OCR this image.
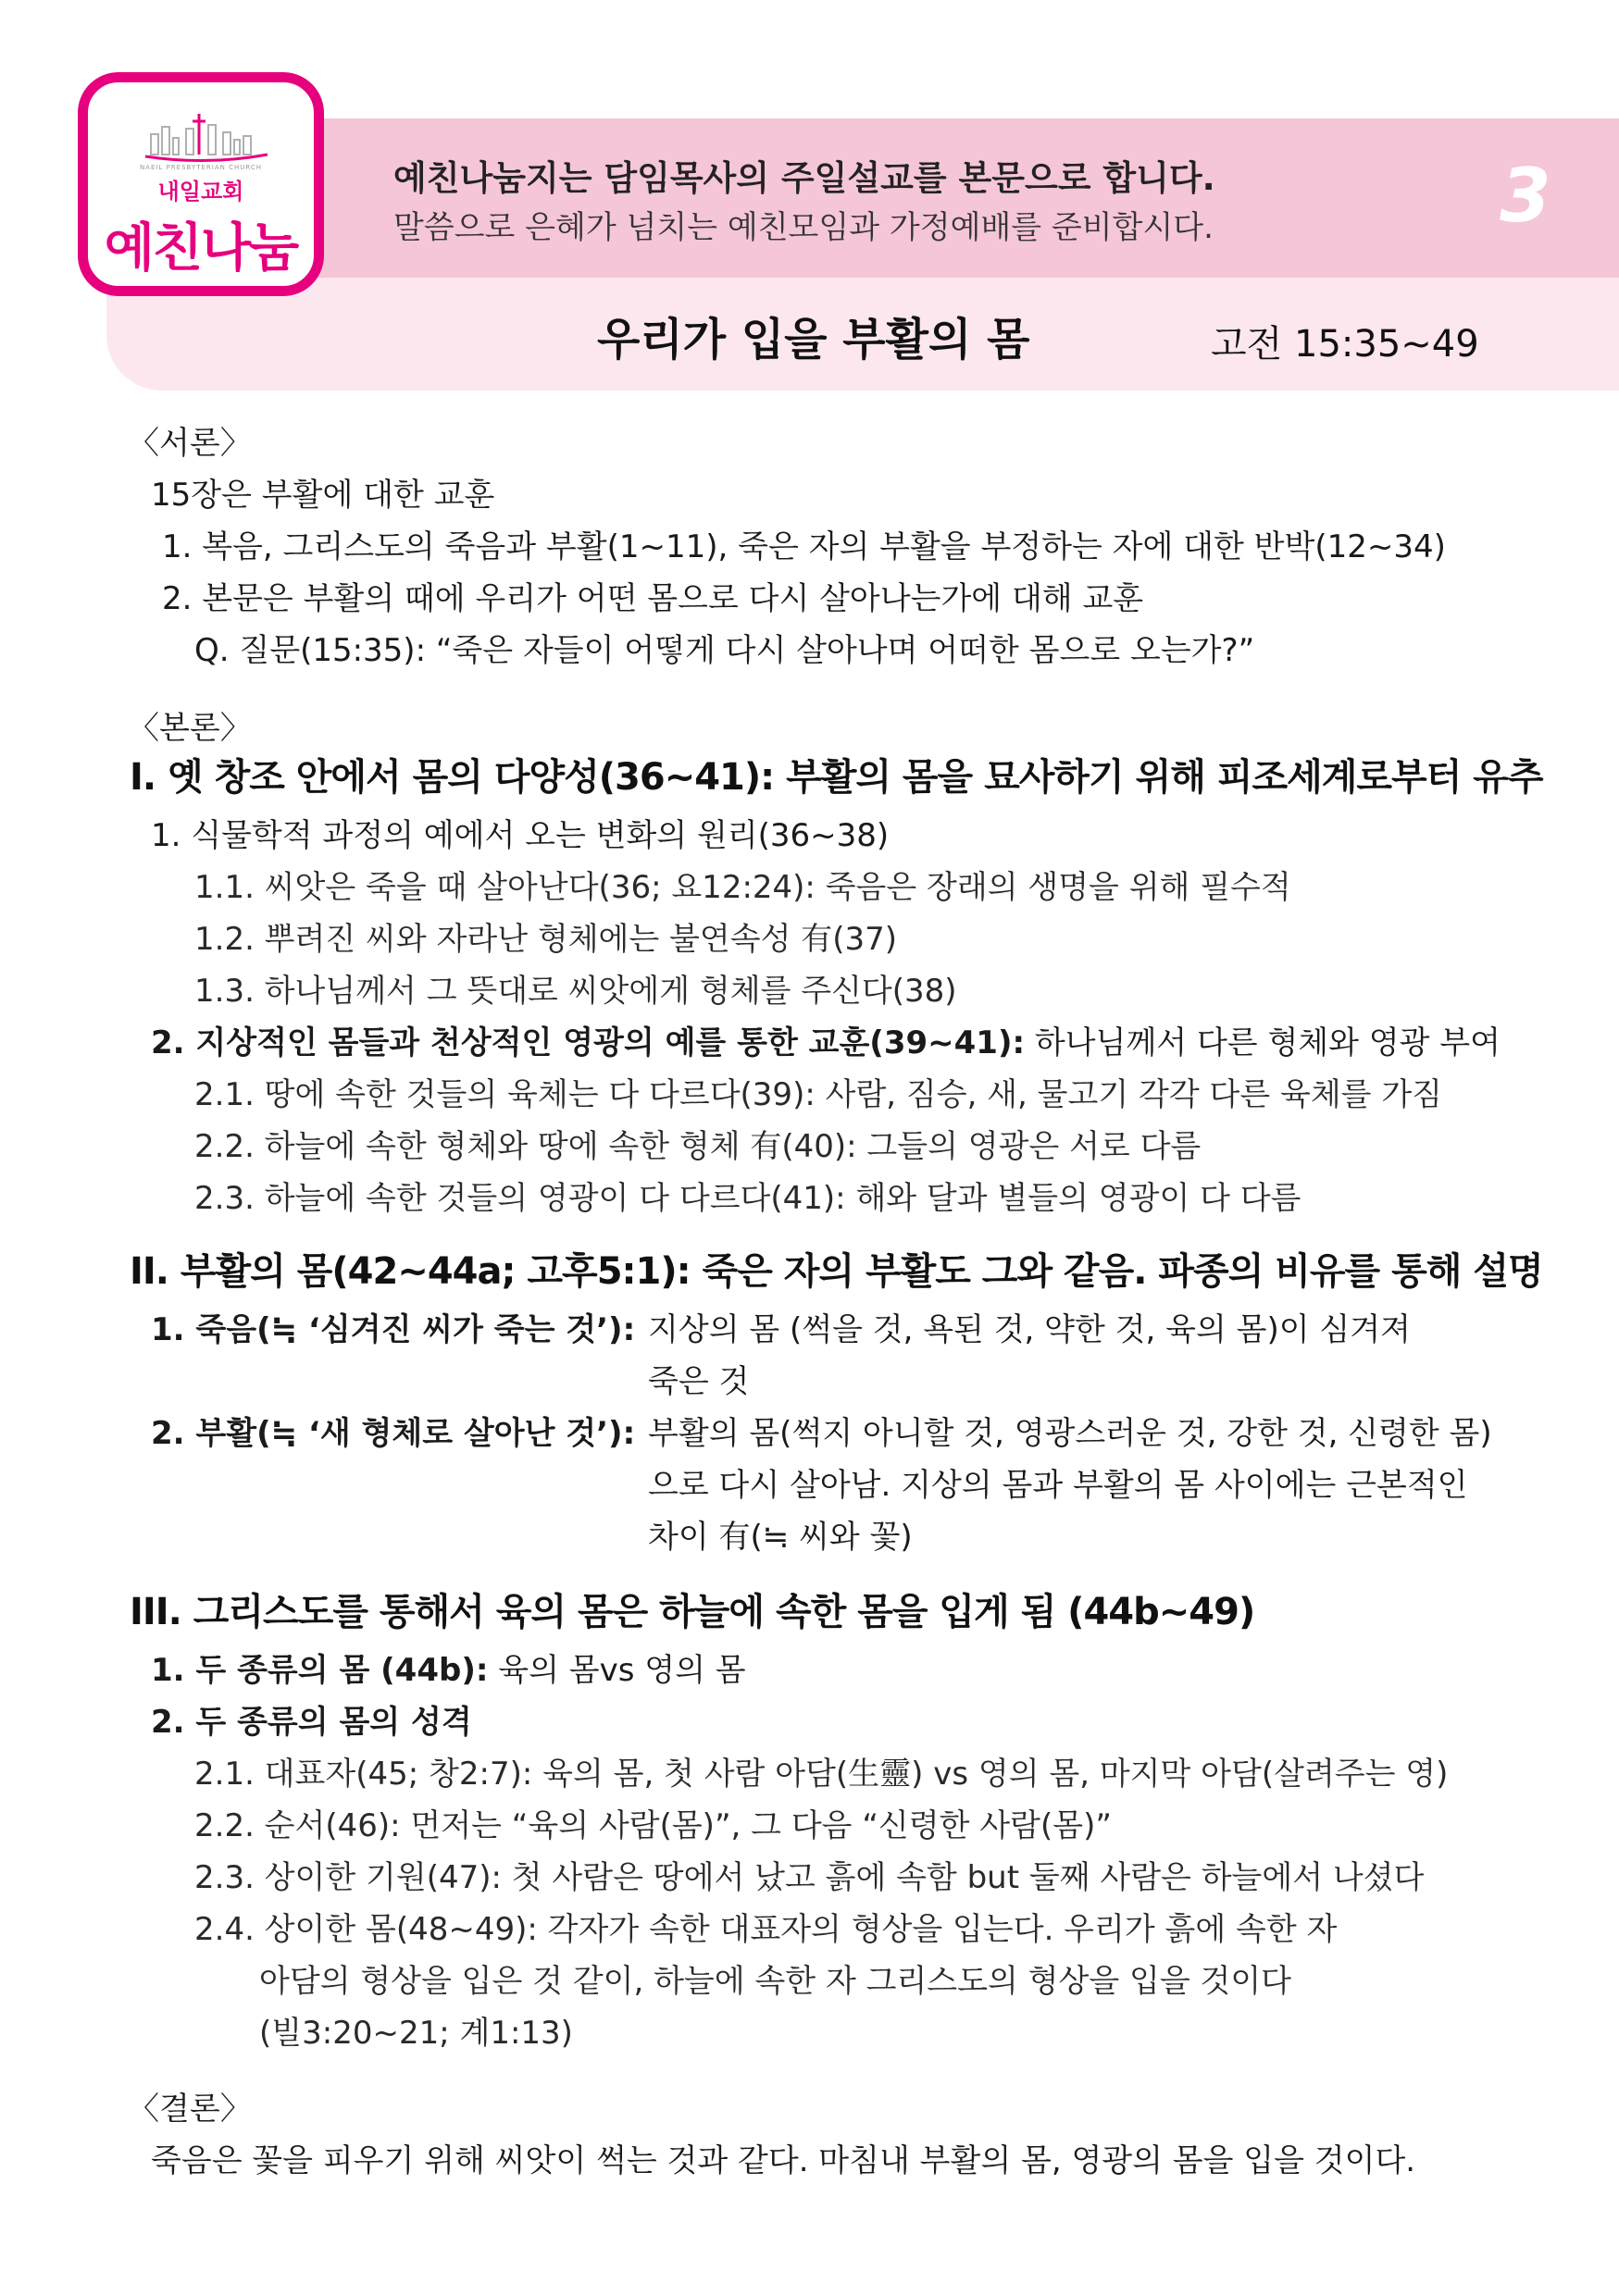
NAEIL PRESBYTERIAN CHURCH
내일교회
예친나눔
예친나눔지는 담임목사의 주일설교를 본문으로 합니다.
말씀으로 은혜가 넘치는 예친모임과 가정예배를 준비합시다.	3
우리가 입을 부활의 몸	고전 15:35~49
〈서론〉
15장은 부활에 대한 교훈
1. 복음, 그리스도의 죽음과 부활(1~11), 죽은 자의 부활을 부정하는 자에 대한 반박(12~34)
2. 본문은 부활의 때에 우리가 어떤 몸으로 다시 살아나는가에 대해 교훈
Q. 질문(15:35): “죽은 자들이 어떻게 다시 살아나며 어떠한 몸으로 오는가?”
〈본론〉
I. 옛 창조 안에서 몸의 다양성(36~41): 부활의 몸을 묘사하기 위해 피조세계로부터 유추
1. 식물학적 과정의 예에서 오는 변화의 원리(36~38)
1.1. 씨앗은 죽을 때 살아난다(36; 요12:24): 죽음은 장래의 생명을 위해 필수적
1.2. 뿌려진 씨와 자라난 형체에는 불연속성 有(37)
1.3. 하나님께서 그 뜻대로 씨앗에게 형체를 주신다(38)
2. 지상적인 몸들과 천상적인 영광의 예를 통한 교훈(39~41): 하나님께서 다른 형체와 영광 부여
2.1. 땅에 속한 것들의 육체는 다 다르다(39): 사람, 짐승, 새, 물고기 각각 다른 육체를 가짐
2.2. 하늘에 속한 형체와 땅에 속한 형체 有(40): 그들의 영광은 서로 다름
2.3. 하늘에 속한 것들의 영광이 다 다르다(41): 해와 달과 별들의 영광이 다 다름
II. 부활의 몸(42~44a; 고후5:1): 죽은 자의 부활도 그와 같음. 파종의 비유를 통해 설명
1. 죽음(≒ ‘심겨진 씨가 죽는 것’): 지상의 몸 (썩을 것, 욕된 것, 약한 것, 육의 몸)이 심겨져
죽은 것
2. 부활(≒ ‘새 형체로 살아난 것’): 부활의 몸(썩지 아니할 것, 영광스러운 것, 강한 것, 신령한 몸)
으로 다시 살아남. 지상의 몸과 부활의 몸 사이에는 근본적인
차이 有(≒ 씨와 꽃)
III. 그리스도를 통해서 육의 몸은 하늘에 속한 몸을 입게 됨 (44b~49)
1. 두 종류의 몸 (44b): 육의 몸vs 영의 몸
2. 두 종류의 몸의 성격
2.1. 대표자(45; 창2:7): 육의 몸, 첫 사람 아담(生靈) vs 영의 몸, 마지막 아담(살려주는 영)
2.2. 순서(46): 먼저는 “육의 사람(몸)”, 그 다음 “신령한 사람(몸)”
2.3. 상이한 기원(47): 첫 사람은 땅에서 났고 흙에 속함 but 둘째 사람은 하늘에서 나셨다
2.4. 상이한 몸(48~49): 각자가 속한 대표자의 형상을 입는다. 우리가 흙에 속한 자
아담의 형상을 입은 것 같이, 하늘에 속한 자 그리스도의 형상을 입을 것이다
(빌3:20~21; 계1:13)
〈결론〉
죽음은 꽃을 피우기 위해 씨앗이 썩는 것과 같다. 마침내 부활의 몸, 영광의 몸을 입을 것이다.
